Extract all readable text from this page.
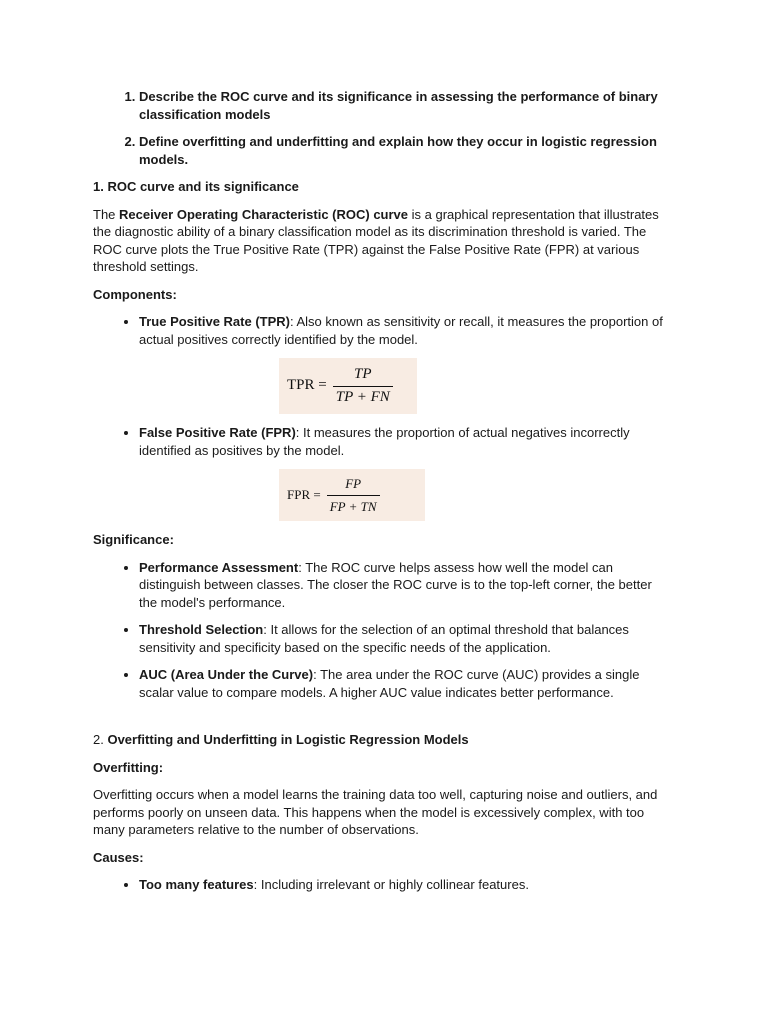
1. Describe the ROC curve and its significance in assessing the performance of binary classification models
2. Define overfitting and underfitting and explain how they occur in logistic regression models.
1. ROC curve and its significance

The Receiver Operating Characteristic (ROC) curve is a graphical representation that illustrates the diagnostic ability of a binary classification model as its discrimination threshold is varied. The ROC curve plots the True Positive Rate (TPR) against the False Positive Rate (FPR) at various threshold settings.

Components:
• True Positive Rate (TPR): Also known as sensitivity or recall, it measures the proportion of actual positives correctly identified by the model.
TPR = $\frac{TP}{TP + FN}$
• False Positive Rate (FPR): It measures the proportion of actual negatives incorrectly identified as positives by the model.
FPR = $\frac{FP}{FP + TN}$
Significance:
• Performance Assessment: The ROC curve helps assess how well the model can distinguish between classes. The closer the ROC curve is to the top-left corner, the better the model's performance.
• Threshold Selection: It allows for the selection of an optimal threshold that balances sensitivity and specificity based on the specific needs of the application.
• AUC (Area Under the Curve): The area under the ROC curve (AUC) provides a single scalar value to compare models. A higher AUC value indicates better performance.
2. Overfitting and Underfitting in Logistic Regression Models
Overfitting:

Overfitting occurs when a model learns the training data too well, capturing noise and outliers, and performs poorly on unseen data. This happens when the model is excessively complex, with too many parameters relative to the number of observations.

Causes:
• Too many features: Including irrelevant or highly collinear features.
